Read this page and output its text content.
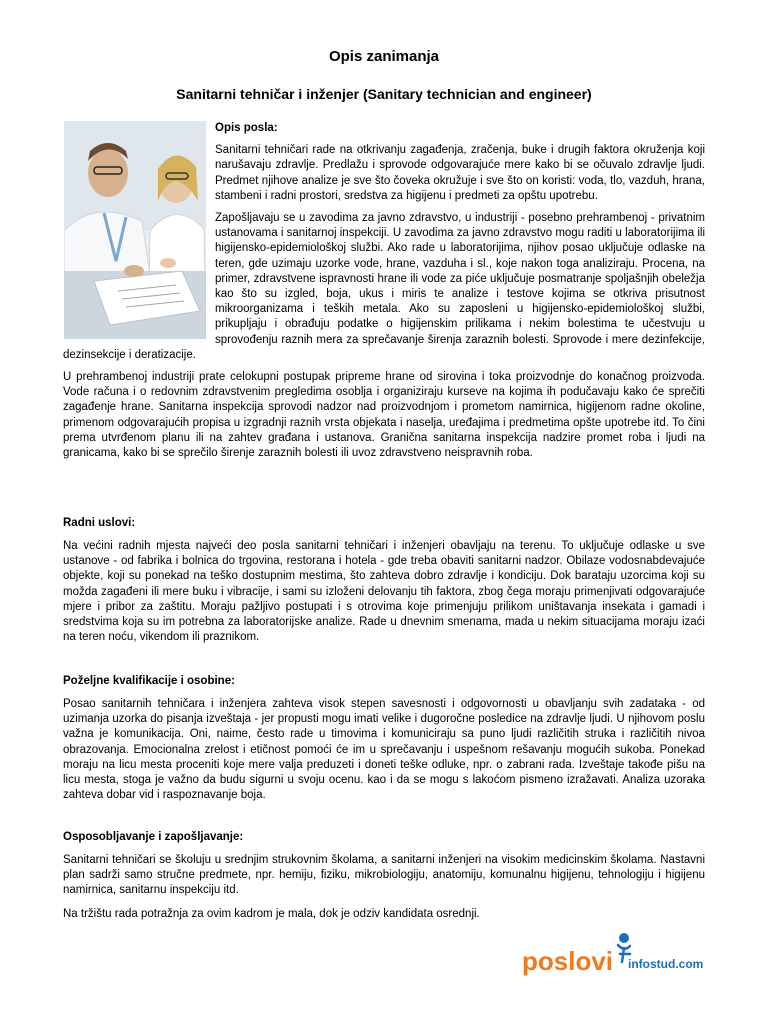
Opis zanimanja
Sanitarni tehničar i inženjer (Sanitary technician and engineer)

Opis posla:

Sanitarni tehničari rade na otkrivanju zagađenja, zračenja, buke i drugih faktora okruženja koji narušavaju zdravlje. Predlažu i sprovode odgovarajuće mere kako bi se očuvalo zdravlje ljudi. Predmet njihove analize je sve što čoveka okružuje i sve što on koristi: voda, tlo, vazduh, hrana, stambeni i radni prostori, sredstva za higijenu i predmeti za opštu upotrebu.

Zapošljavaju se u zavodima za javno zdravstvo, u industriji - posebno prehrambenoj - privatnim ustanovama i sanitarnoj inspekciji. U zavodima za javno zdravstvo mogu raditi u laboratorijima ili higijensko-epidemiološkoj službi. Ako rade u laboratorijima, njihov posao uključuje odlaske na teren, gde uzimaju uzorke vode, hrane, vazduha i sl., koje nakon toga analiziraju. Procena, na primer, zdravstvene ispravnosti hrane ili vode za piće uključuje posmatranje spoljašnjih obeležja kao što su izgled, boja, ukus i miris te analize i testove kojima se otkriva prisutnost mikroorganizama i teških metala. Ako su zaposleni u higijensko-epidemiološkoj službi, prikupljaju i obrađuju podatke o higijenskim prilikama i nekim bolestima te učestvuju u sprovođenju raznih mera za sprečavanje širenja zaraznih bolesti. Sprovode i mere dezinfekcije, dezinsekcije i deratizacije.

U prehrambenoj industriji prate celokupni postupak pripreme hrane od sirovina i toka proizvodnje do konačnog proizvoda. Vode računa i o redovnim zdravstvenim pregledima osoblja i organiziraju kurseve na kojima ih podučavaju kako će sprečiti zagađenje hrane. Sanitarna inspekcija sprovodi nadzor nad proizvodnjom i prometom namirnica, higijenom radne okoline, primenom odgovarajućih propisa u izgradnji raznih vrsta objekata i naselja, uređajima i predmetima opšte upotrebe itd. To čini prema utvrđenom planu ili na zahtev građana i ustanova. Granična sanitarna inspekcija nadzire promet roba i ljudi na granicama, kako bi se sprečilo širenje zaraznih bolesti ili uvoz zdravstveno neispravnih roba.

Radni uslovi:

Na većini radnih mjesta najveći deo posla sanitarni tehničari i inženjeri obavljaju na terenu. To uključuje odlaske u sve ustanove - od fabrika i bolnica do trgovina, restorana i hotela - gde treba obaviti sanitarni nadzor. Obilaze vodosnabdevajuće objekte, koji su ponekad na teško dostupnim mestima, što zahteva dobro zdravlje i kondiciju. Dok barataju uzorcima koji su možda zagađeni ili mere buku i vibracije, i sami su izloženi delovanju tih faktora, zbog čega moraju primenjivati odgovarajuće mjere i pribor za zaštitu. Moraju pažljivo postupati i s otrovima koje primenjuju prilikom uništavanja insekata i gamadi i sredstvima koja su im potrebna za laboratorijske analize. Rade u dnevnim smenama, mada u nekim situacijama moraju izaći na teren noću, vikendom ili praznikom.

Poželjne kvalifikacije i osobine:

Posao sanitarnih tehničara i inženjera zahteva visok stepen savesnosti i odgovornosti u obavljanju svih zadataka - od uzimanja uzorka do pisanja izveštaja - jer propusti mogu imati velike i dugoročne posledice na zdravlje ljudi. U njihovom poslu važna je komunikacija. Oni, naime, često rade u timovima i komuniciraju sa puno ljudi različitih struka i različitih nivoa obrazovanja. Emocionalna zrelost i etičnost pomoći će im u sprečavanju i uspešnom rešavanju mogućih sukoba. Ponekad moraju na licu mesta proceniti koje mere valja preduzeti i doneti teške odluke, npr. o zabrani rada. Izveštaje takođe pišu na licu mesta, stoga je važno da budu sigurni u svoju ocenu. kao i da se mogu s lakoćom pismeno izražavati. Analiza uzoraka zahteva dobar vid i raspoznavanje boja.

Osposobljavanje i zapošljavanje:

Sanitarni tehničari se školuju u srednjim strukovnim školama, a sanitarni inženjeri na visokim medicinskim školama. Nastavni plan sadrži samo stručne predmete, npr. hemiju, fiziku, mikrobiologiju, anatomiju, komunalnu higijenu, tehnologiju i higijenu namirnica, sanitarnu inspekciju itd.

Na tržištu rada potražnja za ovim kadrom je mala, dok je odziv kandidata osrednji.

poslovi infostud.com
